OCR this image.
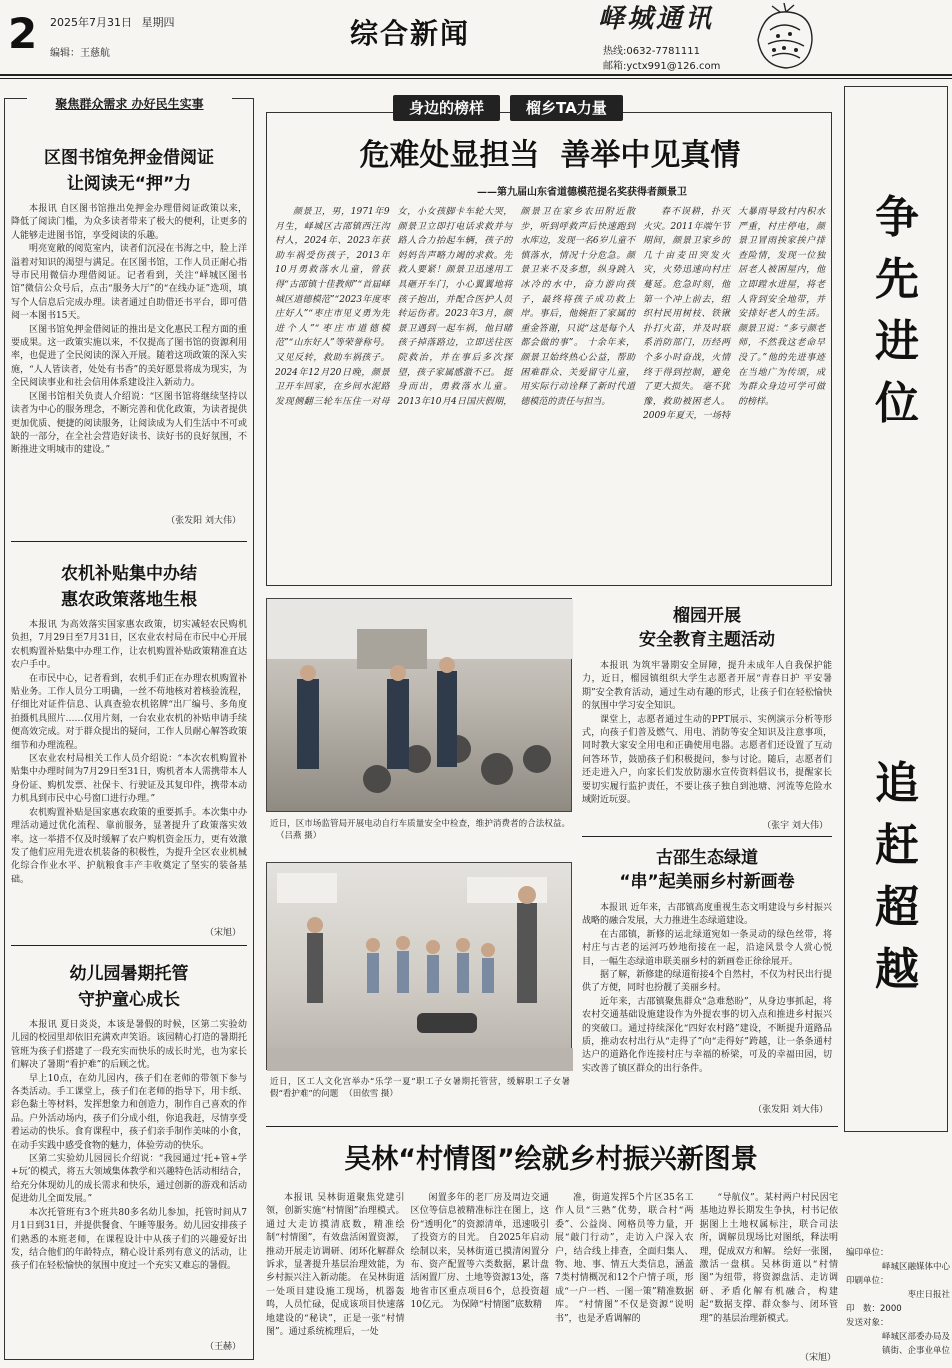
2 2025年7月31日 星期四
编辑：王慈航
综合新闻	峄城通讯
热线:0632-7781111
邮箱:yctx991@126.com
聚焦群众需求 办好民生实事
区图书馆免押金借阅证
让阅读无“押”力

本报讯 自区图书馆推出免押金办理借阅证政策以来，降低了阅读门槛，为众多读者带来了极大的便利，让更多的人能够走进图书馆，享受阅读的乐趣。

明亮宽敞的阅览室内，读者们沉浸在书海之中，脸上洋溢着对知识的渴望与满足。在区图书馆，工作人员正耐心指导市民用微信办理借阅证。记者看到，关注“峄城区图书馆”微信公众号后，点击“服务大厅”的“在线办证”选项，填写个人信息后完成办理。读者通过自助借还书平台，即可借阅一本图书15天。

区图书馆免押金借阅证的推出是文化惠民工程方面的重要成果。这一政策实施以来，不仅提高了图书馆的资源利用率，也促进了全民阅读的深入开展。随着这项政策的深入实施，“人人皆读者，处处有书香”的美好愿景将成为现实，为全民阅读事业和社会信用体系建设注入新动力。

区图书馆相关负责人介绍说：“区图书馆将继续坚持以读者为中心的服务理念，不断完善和优化政策，为读者提供更加优质、便捷的阅读服务，让阅读成为人们生活中不可或缺的一部分，在全社会营造好读书、读好书的良好氛围，不断推进文明城市的建设。”

（张发阳 刘大伟）
农机补贴集中办结
惠农政策落地生根

本报讯 为高效落实国家惠农政策，切实减轻农民购机负担，7月29日至7月31日，区农业农村局在市民中心开展农机购置补贴集中办理工作，让农机购置补贴政策精准直达农户手中。

在市民中心，记者看到，农机手们正在办理农机购置补贴业务。工作人员分工明确，一丝不苟地核对着核验流程，仔细比对证件信息、认真查验农机铭牌“出厂编号、多角度拍摄机具照片……仅用片刻，一台农业农机的补贴申请手续便高效完成。对于群众提出的疑问，工作人员耐心解答政策细节和办理流程。

区农业农村局相关工作人员介绍说：“本次农机购置补贴集中办理时间为7月29日至31日，购机者本人需携带本人身份证、购机发票、社保卡、行驶证及其复印件，携带本动力机具到市民中心号窗口进行办理。”

农机购置补贴是国家惠农政策的重要抓手。本次集中办理活动通过优化流程、靠前服务，显著提升了政策落实效率。这一举措不仅及时缓解了农户购机资金压力，更有效激发了他们应用先进农机装备的积极性，为提升全区农业机械化综合作业水平、护航粮食丰产丰收奠定了坚实的装备基础。

（宋旭）
幼儿园暑期托管
守护童心成长

本报讯 夏日炎炎，本该是暑假的时候，区第二实验幼儿园的校园里却依旧充满欢声笑语。该园精心打造的暑期托管班为孩子们搭建了一段充实而快乐的成长时光，也为家长们解决了暑期“看护难”的后顾之忧。

早上10点，在幼儿园内，孩子们在老师的带领下参与各类活动。手工课堂上，孩子们在老师的指导下，用卡纸、彩色黏土等材料，发挥想象力和创造力，制作自己喜欢的作品。户外活动场内，孩子们分成小组，你追我赶，尽情享受着运动的快乐。食育课程中，孩子们亲手制作美味的小食，在动手实践中感受食物的魅力，体验劳动的快乐。

区第二实验幼儿园园长介绍说：“我园通过‘托+管+学+玩’的模式，将五大领域集体教学和兴趣特色活动相结合，给充分体现幼儿的成长需求和快乐，通过创新的游戏和活动促进幼儿全面发展。”

本次托管班有3个班共80多名幼儿参加，托管时间从7月1日到31日，并提供餐食、午睡等服务。幼儿园安排孩子们熟悉的本班老师，在课程设计中从孩子们的兴趣爱好出发，结合他们的年龄特点，精心设计系列有意义的活动，让孩子们在轻松愉快的氛围中度过一个充实又难忘的暑假。

（王赫）
身边的榜样	榴乡TA力量
危难处显担当  善举中见真情
——第九届山东省道德模范提名奖获得者颜景卫

颜景卫，男，1971年9月生，峄城区古邵镇西汪沟村人，2024年、2023年获助车祸受伤孩子，2013年10月勇救落水儿童，曾获得“古邵镇十佳教师”“首届峄城区道德模范”“2023年度枣庄好人”“枣庄市见义勇为先进个人”“枣庄市道德模范”“山东好人”等荣誉称号。 又见反转，救助车祸孩子。2024年12月20日晚，颜景卫开车回家，在乡间水泥路发现侧翻三轮车压住一对母女，小女孩脚卡车轮大哭，颜景卫立即打电话求救并与路人合力抬起车辆，孩子的妈妈告声略力竭的求救。先救人要紧！颜景卫迅速用工具砸开车门，小心翼翼地将孩子抱出，并配合医护人员转运伤者。2023年3月，颜景卫遇到一起车祸，他目睹孩子掉落路边，立即送往医院救治，并在事后多次探望，孩子家属感激不已。 挺身而出，勇救落水儿童。2013年10月4日国庆假期，颜景卫在家乡农田附近散步，听到呼救声后快速跑到水库边，发现一名6岁儿童不慎落水，情况十分危急。颜景卫来不及多想，纵身跳入冰冷的水中，奋力游向孩子，最终将孩子成功救上岸。事后，他婉拒了家属的重金答谢，只说“这是每个人都会做的事”。 十余年来，颜景卫始终热心公益，帮助困难群众、关爱留守儿童，用实际行动诠释了新时代道德模范的责任与担当。

春不误耕，扑灭火灾。2011年端午节期间，颜景卫家乡的几十亩麦田突发火灾，火势迅速向村庄蔓延。危急时刻，他第一个冲上前去，组织村民用树枝、铁锹扑打火苗，并及时联系消防部门，历经两个多小时奋战，火情终于得到控制，避免了更大损失。 毫不犹豫，救助被困老人。2009年夏天，一场特大暴雨导致村内积水严重，村庄停电，颜景卫冒雨挨家挨户排查险情，发现一位独居老人被困屋内，他立即蹚水进屋，将老人背到安全地带，并安排好老人的生活。 颜景卫说：“多亏颜老师，不然我这老命早没了。”他的先进事迹在当地广为传颂，成为群众身边可学可做的榜样。

近日，区市场监管局开展电动自行车质量安全中检查，维护消费者的合法权益。（吕燕 摄）
近日，区工人文化宫举办“乐学一夏”职工子女暑期托管营，缓解职工子女暑假“看护难”的问题 （田依雪 摄）
榴园开展
安全教育主题活动

本报讯 为筑牢暑期安全屏障，提升未成年人自我保护能力，近日，榴园镇组织大学生志愿者开展“青春日护 平安暑期”安全教育活动，通过生动有趣的形式，让孩子们在轻松愉快的氛围中学习安全知识。

课堂上，志愿者通过生动的PPT展示、实例演示分析等形式，向孩子们普及燃气、用电、消防等安全知识及注意事项，同时教大家安全用电和正确使用电器。志愿者们还设置了互动问答环节，鼓励孩子们积极提问，参与讨论。随后，志愿者们还走进入户，向家长们发放防溺水宣传资料倡议书，提醒家长要切实履行监护责任，不要让孩子独自到池塘、河流等危险水域附近玩耍。

（张宇 刘大伟）
古邵生态绿道
“串”起美丽乡村新画卷

本报讯 近年来，古邵镇高度重视生态文明建设与乡村振兴战略的融合发展，大力推进生态绿道建设。

在古邵镇，新修的运北绿道宛如一条灵动的绿色丝带，将村庄与古老的运河巧妙地衔接在一起，沿途风景令人赏心悦目，一幅生态绿道串联美丽乡村的新画卷正徐徐展开。

据了解，新修建的绿道衔接4个自然村，不仅为村民出行提供了方便，同时也扮靓了美丽乡村。

近年来，古邵镇聚焦群众“急难愁盼”，从身边事抓起，将农村交通基础设施建设作为外提农事的切入点和推进乡村振兴的突破口。通过持续深化“四好农村路”建设，不断提升道路品质，推动农村出行从“走得了”向“走得好”跨越，让一条条通村达户的道路化作连接村庄与幸福的桥梁，可及的幸福田园，切实改善了镇区群众的出行条件。

（张发阳 刘大伟）
争
先
进
位
追
赶
超
越
吴林“村情图”绘就乡村振兴新图景

本报讯 吴林街道聚焦党建引领，创新实施“村情图”治理模式。通过大走访摸清底数，精准绘制“村情图”，有效盘活闲置资源，推动开展走访调研、闭环化解群众诉求，显著提升基层治理效能，为乡村振兴注入新动能。 在吴林街道一处项目建设施工现场，机器轰鸣，人员忙碌，促成该项目快速落地建设的“秘诀”，正是一张“村情图”。通过系统梳理后，一处

闲置多年的老厂房及周边交通区位等信息被精准标注在图上，这份“透明化”的资源清单，迅速吸引了投资方的目光。 自2025年启动绘制以来，吴林街道已摸清闲置分布、资产配置等六类数据，累计盘活闲置厂房、土地等资源13处，落地省市区重点项目6个，总投资超10亿元。 为保障“村情图”底数精

准，街道发挥5个片区35名工作人员“三熟”优势，联合村“两委”、公益岗、网格员等力量，开展“敲门行动”，走访入户深入农户，结合线上排查，全面归集人、物、地、事、情五大类信息，涵盖7类村情概况和12个户情子项，形成“一户一档、一图一策”精准数据库。 “村情图”不仅是资源“说明书”，也是矛盾调解的

“导航仪”。某村两户村民因宅基地边界长期发生争执，村书记依据图上土地权属标注，联合司法所，调解员现场比对图纸，释法明理，促成双方和解。 绘好一张图，激活一盘棋。吴林街道以“村情图”为纽带，将资源盘活、走访调研、矛盾化解有机融合，构建起“数据支撑、群众参与、闭环管理”的基层治理新模式。

（宋旭）
编印单位：
峄城区融媒体中心
印刷单位：
枣庄日报社
印　数：2000
发送对象：
峄城区部委办局及
镇街、企事业单位
